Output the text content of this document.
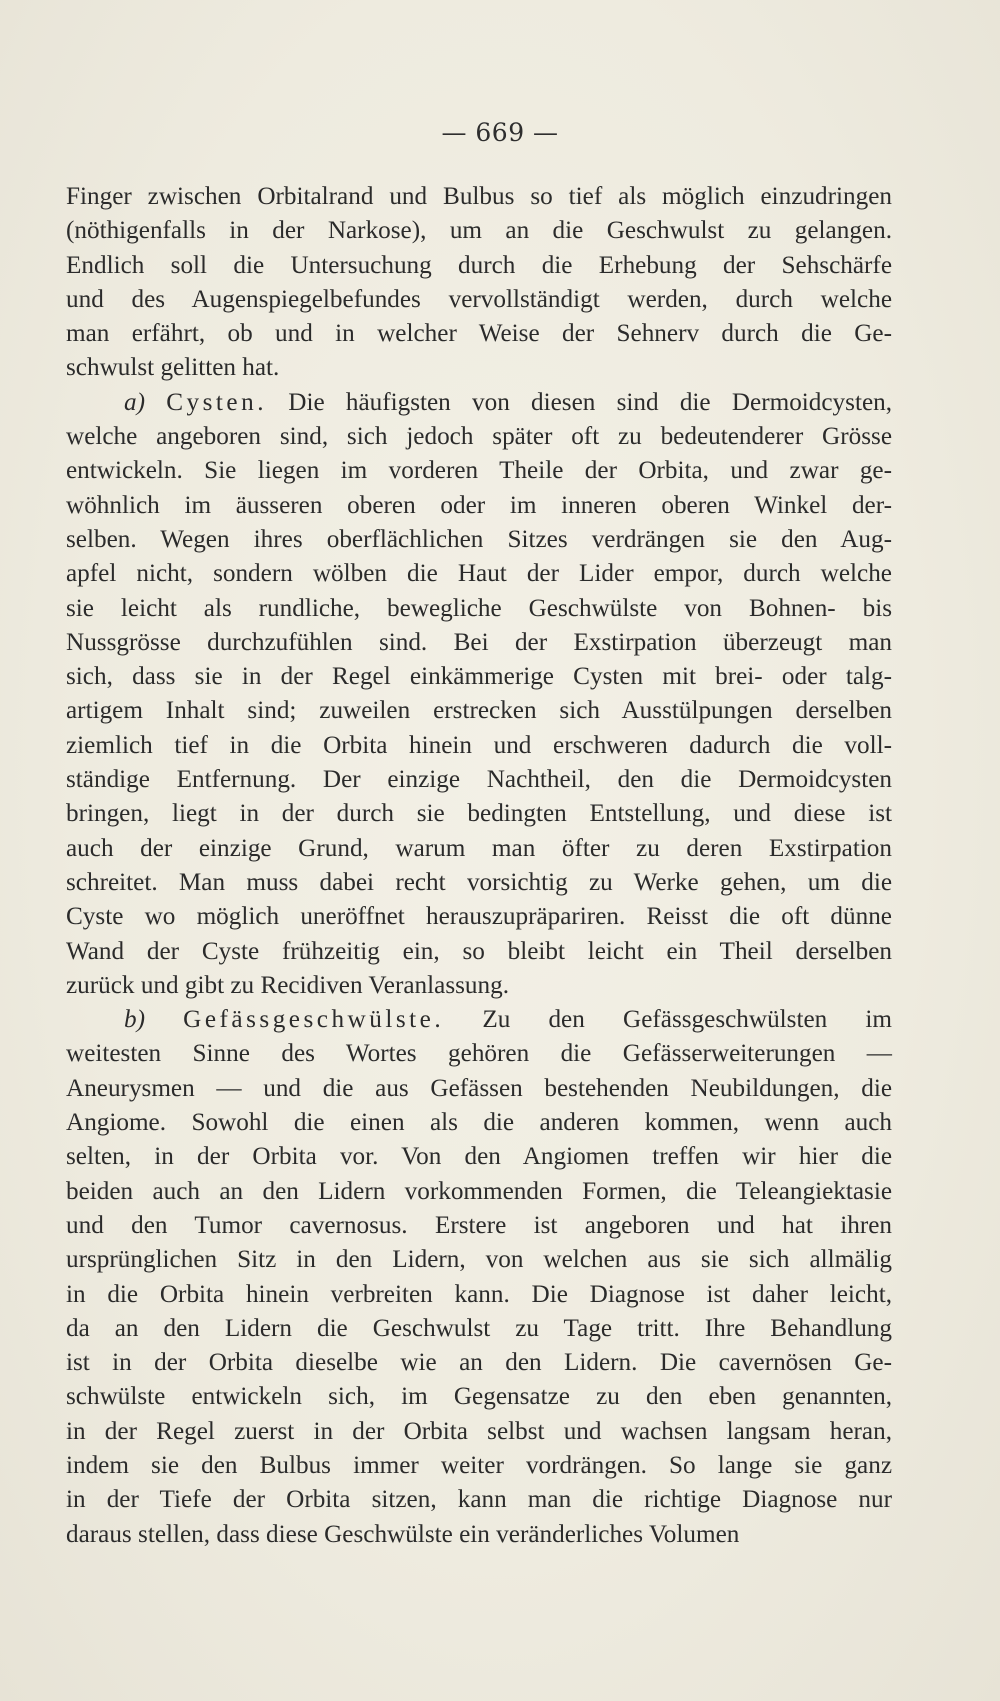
— 669 —
Finger zwischen Orbitalrand und Bulbus so tief als möglich einzudringen
(nöthigenfalls in der Narkose), um an die Geschwulst zu gelangen.
Endlich soll die Untersuchung durch die Erhebung der Sehschärfe
und des Augenspiegelbefundes vervollständigt werden, durch welche
man erfährt, ob und in welcher Weise der Sehnerv durch die Ge-
schwulst gelitten hat.
a) Cysten. Die häufigsten von diesen sind die Dermoidcysten,
welche angeboren sind, sich jedoch später oft zu bedeutenderer Grösse
entwickeln. Sie liegen im vorderen Theile der Orbita, und zwar ge-
wöhnlich im äusseren oberen oder im inneren oberen Winkel der-
selben. Wegen ihres oberflächlichen Sitzes verdrängen sie den Aug-
apfel nicht, sondern wölben die Haut der Lider empor, durch welche
sie leicht als rundliche, bewegliche Geschwülste von Bohnen- bis
Nussgrösse durchzufühlen sind. Bei der Exstirpation überzeugt man
sich, dass sie in der Regel einkämmerige Cysten mit brei- oder talg-
artigem Inhalt sind; zuweilen erstrecken sich Ausstülpungen derselben
ziemlich tief in die Orbita hinein und erschweren dadurch die voll-
ständige Entfernung. Der einzige Nachtheil, den die Dermoidcysten
bringen, liegt in der durch sie bedingten Entstellung, und diese ist
auch der einzige Grund, warum man öfter zu deren Exstirpation
schreitet. Man muss dabei recht vorsichtig zu Werke gehen, um die
Cyste wo möglich uneröffnet herauszupräpariren. Reisst die oft dünne
Wand der Cyste frühzeitig ein, so bleibt leicht ein Theil derselben
zurück und gibt zu Recidiven Veranlassung.
b) Gefässgeschwülste. Zu den Gefässgeschwülsten im
weitesten Sinne des Wortes gehören die Gefässerweiterungen —
Aneurysmen — und die aus Gefässen bestehenden Neubildungen, die
Angiome. Sowohl die einen als die anderen kommen, wenn auch
selten, in der Orbita vor. Von den Angiomen treffen wir hier die
beiden auch an den Lidern vorkommenden Formen, die Teleangiektasie
und den Tumor cavernosus. Erstere ist angeboren und hat ihren
ursprünglichen Sitz in den Lidern, von welchen aus sie sich allmälig
in die Orbita hinein verbreiten kann. Die Diagnose ist daher leicht,
da an den Lidern die Geschwulst zu Tage tritt. Ihre Behandlung
ist in der Orbita dieselbe wie an den Lidern. Die cavernösen Ge-
schwülste entwickeln sich, im Gegensatze zu den eben genannten,
in der Regel zuerst in der Orbita selbst und wachsen langsam heran,
indem sie den Bulbus immer weiter vordrängen. So lange sie ganz
in der Tiefe der Orbita sitzen, kann man die richtige Diagnose nur
daraus stellen, dass diese Geschwülste ein veränderliches Volumen
